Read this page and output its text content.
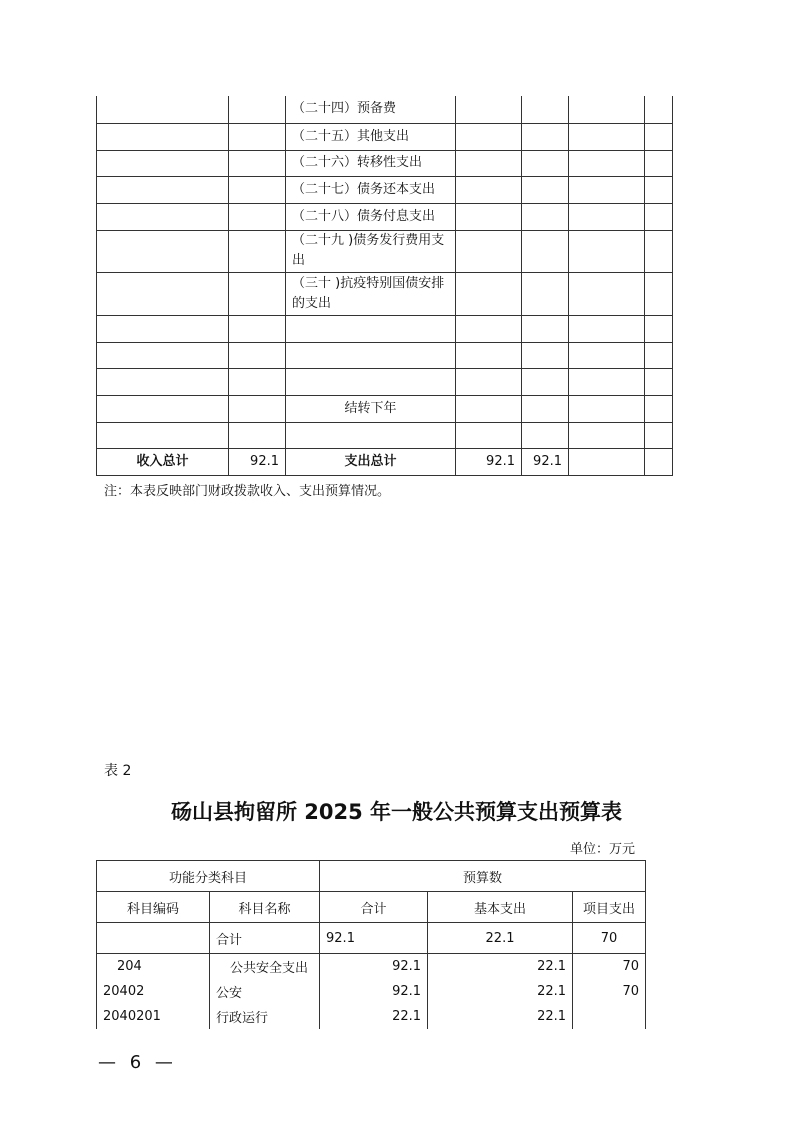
		（二十四）预备费				
		（二十五）其他支出				
		（二十六）转移性支出				
		（二十七）债务还本支出				
		（二十八）债务付息支出				
		（二十九 )债务发行费用支出				
		（三十 )抗疫特别国债安排的支出				

		结转下年				

收入总计	92.1	支出总计	92.1	92.1		
注：本表反映部门财政拨款收入、支出预算情况。
表 2
砀山县拘留所 2025 年一般公共预算支出预算表
单位：万元
功能分类科目		预算数		
科目编码	科目名称	合计	基本支出	项目支出
	合计	92.1	22.1	70
204	公共安全支出	92.1	22.1	70
20402	公安	92.1	22.1	70
2040201	行政运行	22.1	22.1	
— 6 —
